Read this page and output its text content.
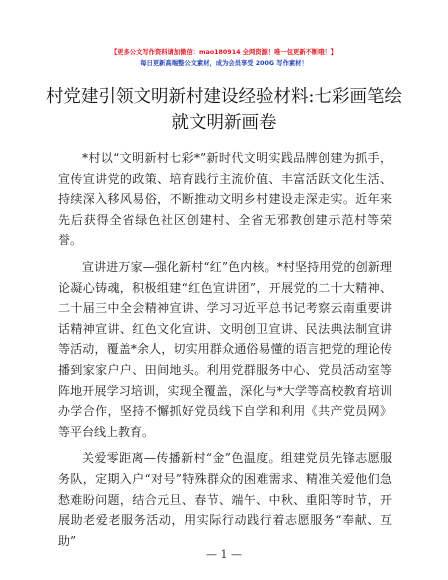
【更多公文写作资料请加微信：mao180914 全网资源！唯一包更新不断哦！】
每日更新高端整公文素材，成为会员享受 200G 写作素材！
村党建引领文明新村建设经验材料:七彩画笔绘
就文明新画卷

*村以“文明新村七彩*”新时代文明实践品牌创建为抓手，宣传宣讲党的政策、培育践行主流价值、丰富活跃文化生活、持续深入移风易俗，不断推动文明乡村建设走深走实。近年来先后获得全省绿色社区创建村、全省无邪教创建示范村等荣誉。

宣讲进万家—强化新村“红”色内核。*村坚持用党的创新理论凝心铸魂，积极组建“红色宣讲团”，开展党的二十大精神、二十届三中全会精神宣讲、学习习近平总书记考察云南重要讲话精神宣讲、红色文化宣讲、文明创卫宣讲、民法典法制宣讲等活动，覆盖*余人，切实用群众通俗易懂的语言把党的理论传播到家家户户、田间地头。利用党群服务中心、党员活动室等阵地开展学习培训，实现全覆盖，深化与*大学等高校教育培训办学合作，坚持不懈抓好党员线下自学和利用《共产党员网》等平台线上教育。

关爱零距离—传播新村“金”色温度。组建党员先锋志愿服务队，定期入户“对号”特殊群众的困难需求、精准关爱他们急愁难盼问题，结合元旦、春节、端午、中秋、重阳等时节，开展助老爱老服务活动，用实际行动践行着志愿服务“奉献、互助”

— 1 —
